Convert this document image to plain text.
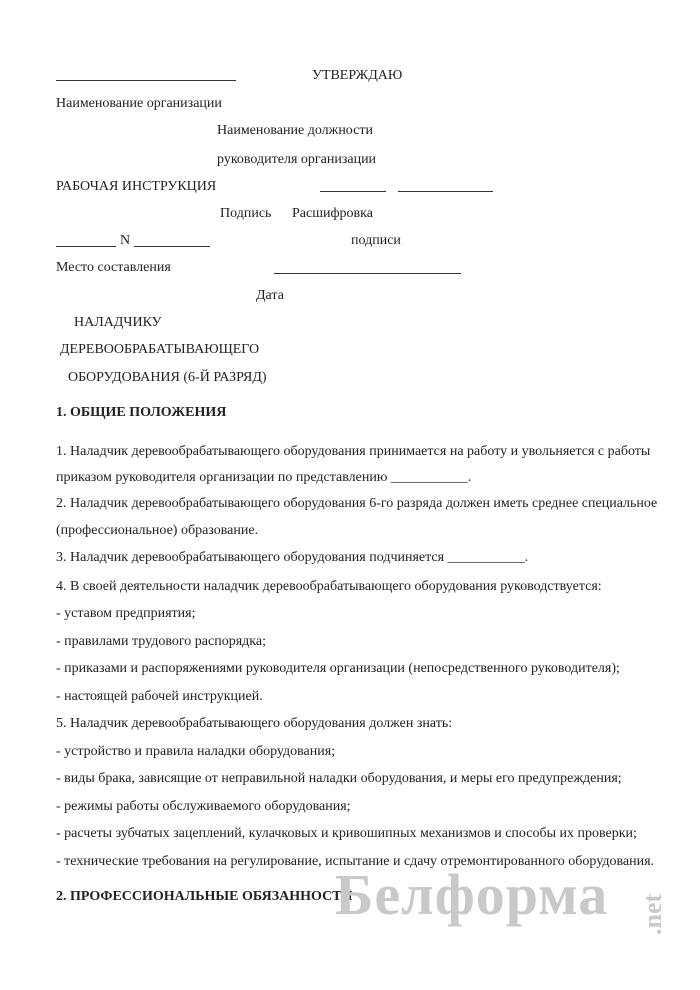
УТВЕРЖДАЮ
Наименование организации
Наименование должности
руководителя организации
РАБОЧАЯ ИНСТРУКЦИЯ
Подпись Расшифровка
N	подписи
Место составления
Дата
НАЛАДЧИКУ
ДЕРЕВООБРАБАТЫВАЮЩЕГО
ОБОРУДОВАНИЯ (6-Й РАЗРЯД)
1. ОБЩИЕ ПОЛОЖЕНИЯ
1. Наладчик деревообрабатывающего оборудования принимается на работу и увольняется с работы
приказом руководителя организации по представлению ___________.
2. Наладчик деревообрабатывающего оборудования 6-го разряда должен иметь среднее специальное
(профессиональное) образование.
3. Наладчик деревообрабатывающего оборудования подчиняется ___________.
4. В своей деятельности наладчик деревообрабатывающего оборудования руководствуется:
- уставом предприятия;
- правилами трудового распорядка;
- приказами и распоряжениями руководителя организации (непосредственного руководителя);
- настоящей рабочей инструкцией.
5. Наладчик деревообрабатывающего оборудования должен знать:
- устройство и правила наладки оборудования;
- виды брака, зависящие от неправильной наладки оборудования, и меры его предупреждения;
- режимы работы обслуживаемого оборудования;
- расчеты зубчатых зацеплений, кулачковых и кривошипных механизмов и способы их проверки;
- технические требования на регулирование, испытание и сдачу отремонтированного оборудования.
2. ПРОФЕССИОНАЛЬНЫЕ ОБЯЗАННОСТИ
Белформа .net
